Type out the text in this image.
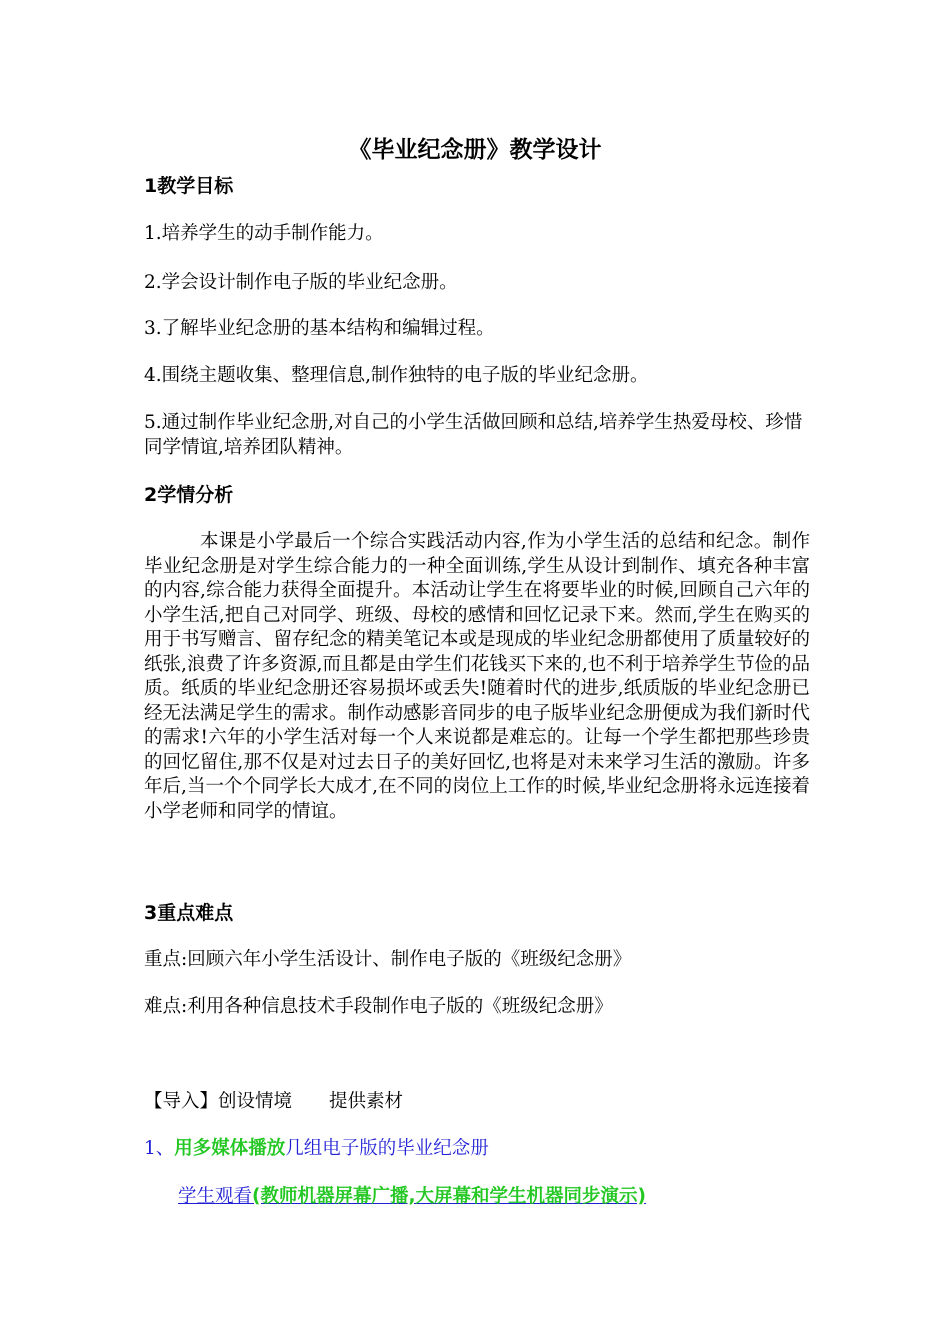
《毕业纪念册》教学设计
1教学目标
1.培养学生的动手制作能力。
2.学会设计制作电子版的毕业纪念册。
3.了解毕业纪念册的基本结构和编辑过程。
4.围绕主题收集、整理信息,制作独特的电子版的毕业纪念册。
5.通过制作毕业纪念册,对自己的小学生活做回顾和总结,培养学生热爱母校、珍惜同学情谊,培养团队精神。
2学情分析
本课是小学最后一个综合实践活动内容,作为小学生活的总结和纪念。制作毕业纪念册是对学生综合能力的一种全面训练,学生从设计到制作、填充各种丰富的内容,综合能力获得全面提升。本活动让学生在将要毕业的时候,回顾自己六年的小学生活,把自己对同学、班级、母校的感情和回忆记录下来。然而,学生在购买的用于书写赠言、留存纪念的精美笔记本或是现成的毕业纪念册都使用了质量较好的纸张,浪费了许多资源,而且都是由学生们花钱买下来的,也不利于培养学生节俭的品质。纸质的毕业纪念册还容易损坏或丢失!随着时代的进步,纸质版的毕业纪念册已经无法满足学生的需求。制作动感影音同步的电子版毕业纪念册便成为我们新时代的需求!六年的小学生活对每一个人来说都是难忘的。让每一个学生都把那些珍贵的回忆留住,那不仅是对过去日子的美好回忆,也将是对未来学习生活的激励。许多年后,当一个个同学长大成才,在不同的岗位上工作的时候,毕业纪念册将永远连接着小学老师和同学的情谊。
3重点难点
重点:回顾六年小学生活设计、制作电子版的《班级纪念册》
难点:利用各种信息技术手段制作电子版的《班级纪念册》
【导入】创设情境　　提供素材
1、用多媒体播放几组电子版的毕业纪念册
学生观看(教师机器屏幕广播,大屏幕和学生机器同步演示)
